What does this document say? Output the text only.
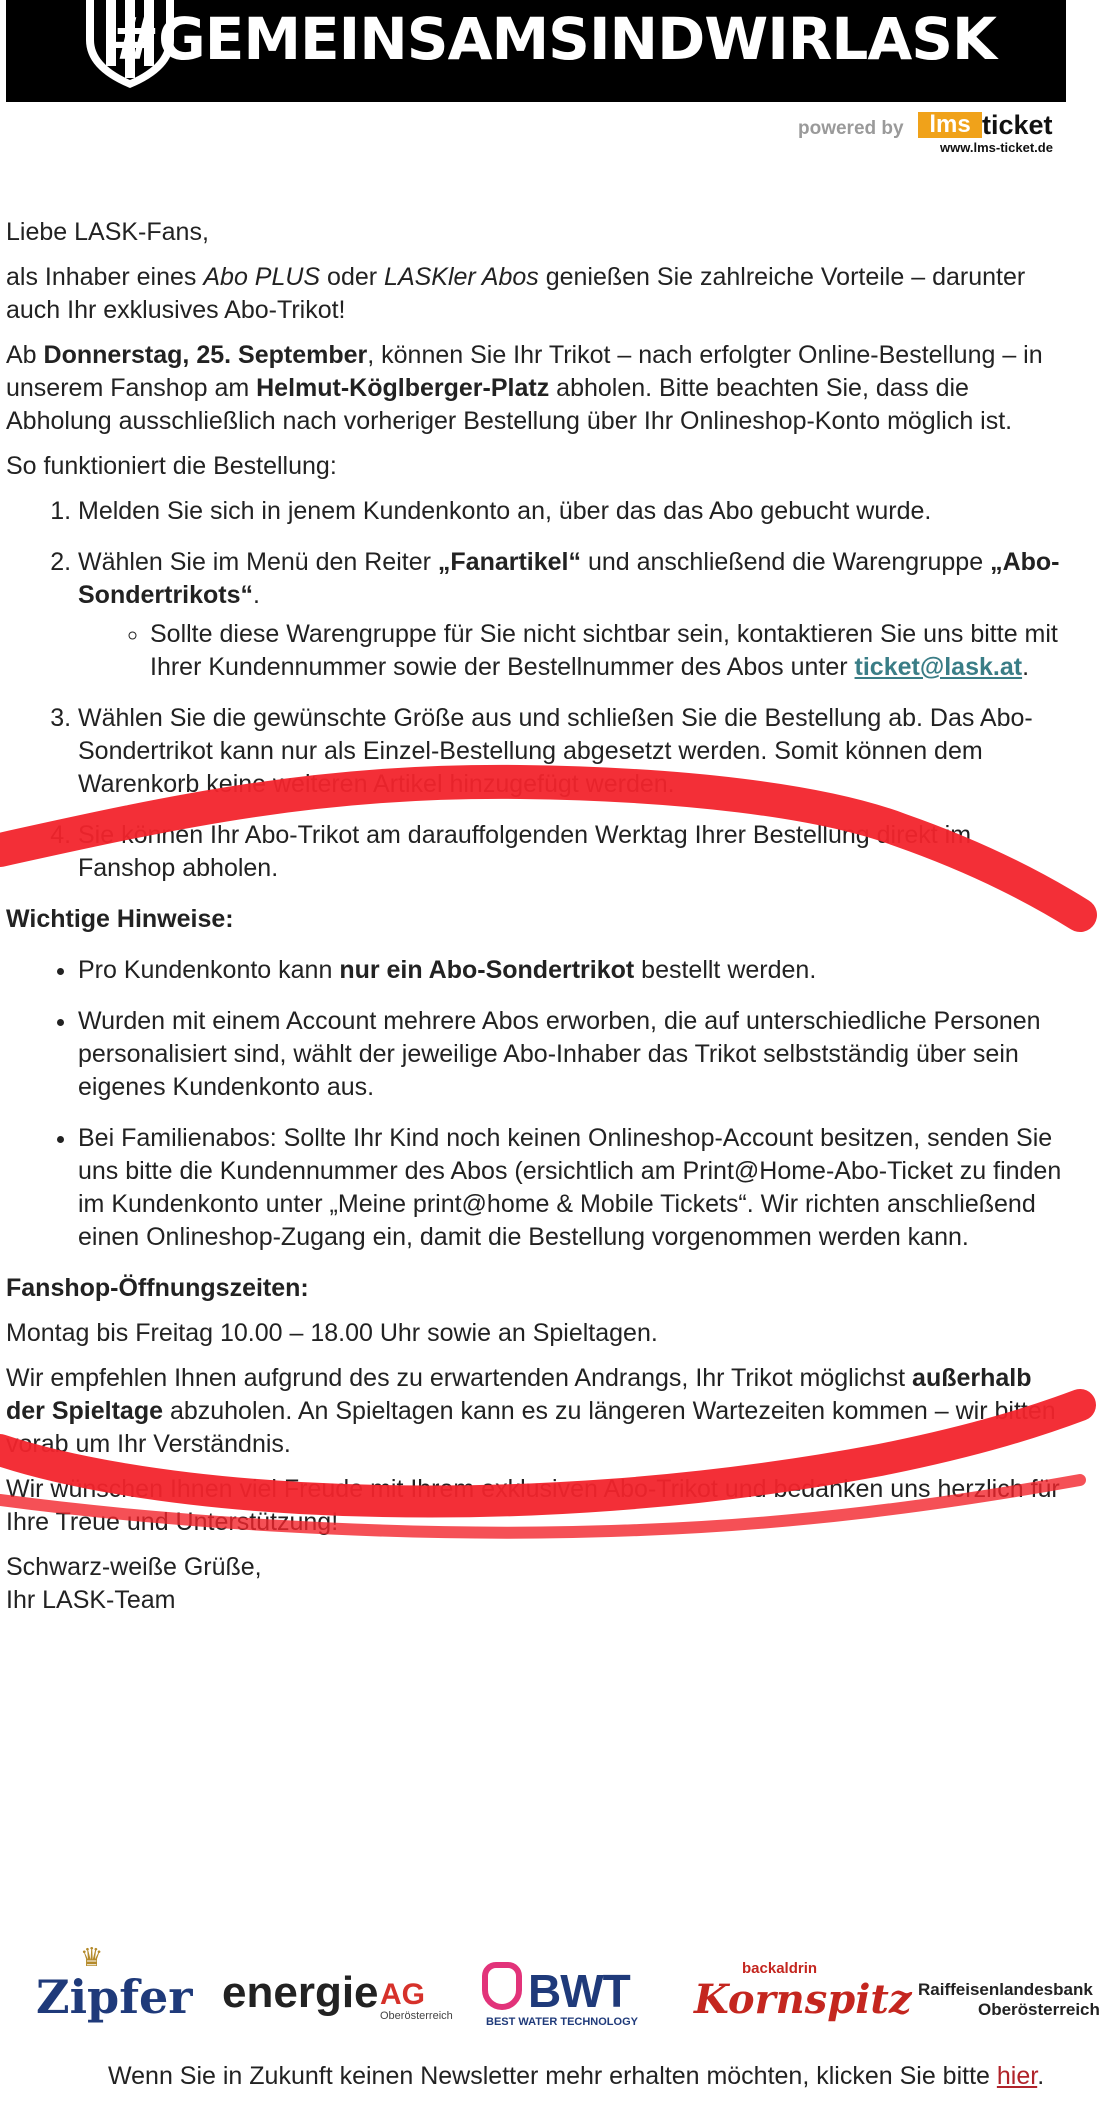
#GEMEINSAMSINDWIRLASK
powered by	lms ticket
www.lms-ticket.de

Liebe LASK-Fans,

als Inhaber eines Abo PLUS oder LASKler Abos genießen Sie zahlreiche Vorteile – darunter auch Ihr exklusives Abo-Trikot!

Ab Donnerstag, 25. September, können Sie Ihr Trikot – nach erfolgter Online-Bestellung – in unserem Fanshop am Helmut-Köglberger-Platz abholen. Bitte beachten Sie, dass die Abholung ausschließlich nach vorheriger Bestellung über Ihr Onlineshop-Konto möglich ist.

So funktioniert die Bestellung:

1. Melden Sie sich in jenem Kundenkonto an, über das das Abo gebucht wurde.
2. Wählen Sie im Menü den Reiter „Fanartikel“ und anschließend die Warengruppe „Abo-Sondertrikots“.
◦ Sollte diese Warengruppe für Sie nicht sichtbar sein, kontaktieren Sie uns bitte mit Ihrer Kundennummer sowie der Bestellnummer des Abos unter ticket@lask.at.
3. Wählen Sie die gewünschte Größe aus und schließen Sie die Bestellung ab. Das Abo-Sondertrikot kann nur als Einzel-Bestellung abgesetzt werden. Somit können dem Warenkorb keine weiteren Artikel hinzugefügt werden.
4. Sie können Ihr Abo-Trikot am darauffolgenden Werktag Ihrer Bestellung direkt im Fanshop abholen.

Wichtige Hinweise:

• Pro Kundenkonto kann nur ein Abo-Sondertrikot bestellt werden.
• Wurden mit einem Account mehrere Abos erworben, die auf unterschiedliche Personen personalisiert sind, wählt der jeweilige Abo-Inhaber das Trikot selbstständig über sein eigenes Kundenkonto aus.
• Bei Familienabos: Sollte Ihr Kind noch keinen Onlineshop-Account besitzen, senden Sie uns bitte die Kundennummer des Abos (ersichtlich am Print@Home-Abo-Ticket zu finden im Kundenkonto unter „Meine print@home & Mobile Tickets“. Wir richten anschließend einen Onlineshop-Zugang ein, damit die Bestellung vorgenommen werden kann.

Fanshop-Öffnungszeiten:

Montag bis Freitag 10.00 – 18.00 Uhr sowie an Spieltagen.

Wir empfehlen Ihnen aufgrund des zu erwartenden Andrangs, Ihr Trikot möglichst außerhalb der Spieltage abzuholen. An Spieltagen kann es zu längeren Wartezeiten kommen – wir bitten vorab um Ihr Verständnis.

Wir wünschen Ihnen viel Freude mit Ihrem exklusiven Abo-Trikot und bedanken uns herzlich für Ihre Treue und Unterstützung!

Schwarz-weiße Grüße,
Ihr LASK-Team

♛
Zipfer energie AG
Oberösterreich BWT
BEST WATER TECHNOLOGY
backaldrin
Kornspitz Raiffeisenlandesbank
Oberösterreich
Wenn Sie in Zukunft keinen Newsletter mehr erhalten möchten, klicken Sie bitte hier.
